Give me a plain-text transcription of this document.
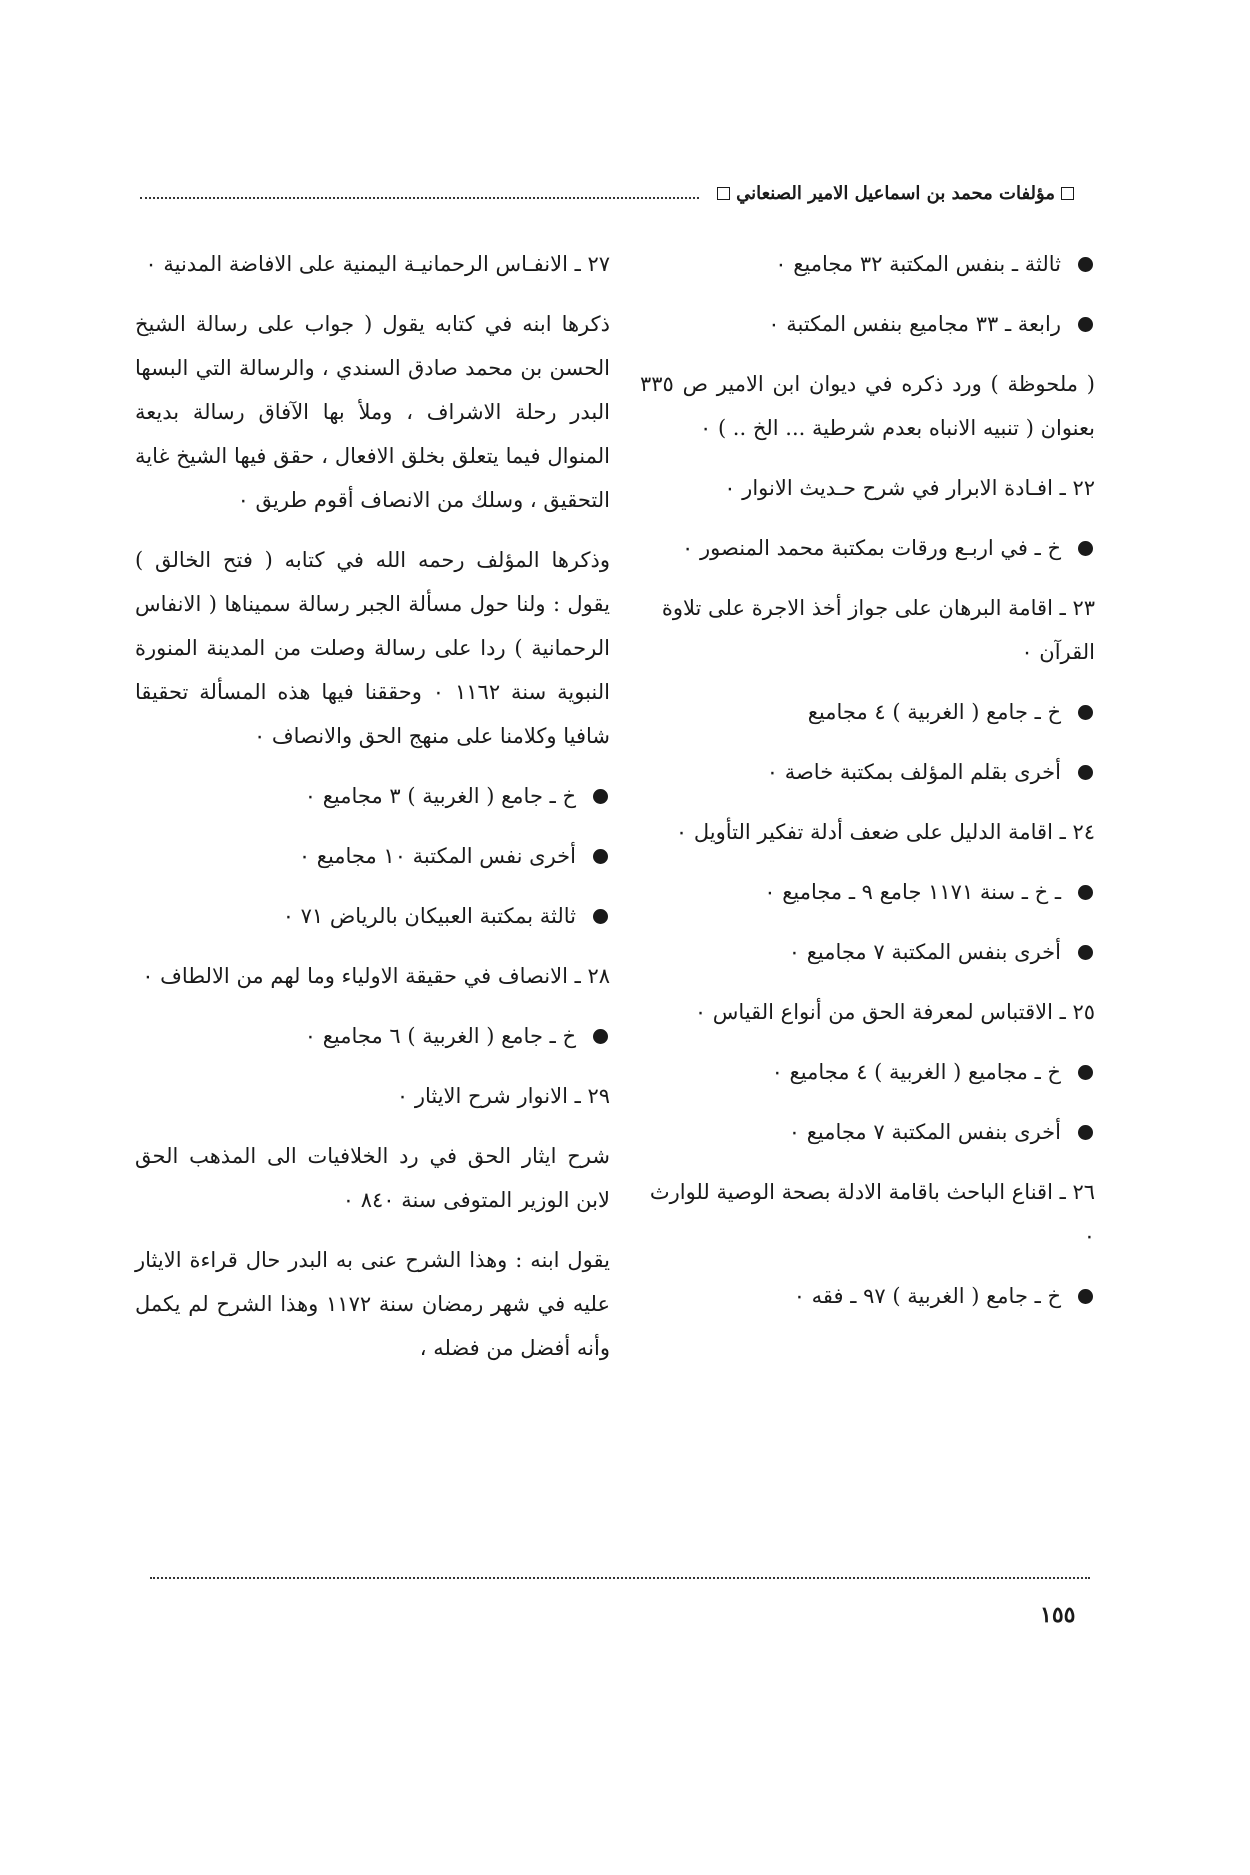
مؤلفات محمد بن اسماعيل الامير الصنعاني
ثالثة ـ بنفس المكتبة ٣٢ مجاميع ٠
رابعة ـ ٣٣ مجاميع بنفس المكتبة ٠
( ملحوظة ) ورد ذكره في ديوان ابن الامير ص ٣٣٥ بعنوان ( تنبيه الانباه بعدم شرطية ... الخ .. ) ٠
٢٢ ـ افـادة الابرار في شرح حـديث الانوار ٠
خ ـ في اربـع ورقات بمكتبة محمد المنصور ٠
٢٣ ـ اقامة البرهان على جواز أخذ الاجرة على تلاوة القرآن ٠
خ ـ جامع ( الغربية ) ٤ مجاميع
أخرى بقلم المؤلف بمكتبة خاصة ٠
٢٤ ـ اقامة الدليل على ضعف أدلة تفكير التأويل ٠
ـ خ ـ سنة ١١٧١ جامع ٩ ـ مجاميع ٠
أخرى بنفس المكتبة ٧ مجاميع ٠
٢٥ ـ الاقتباس لمعرفة الحق من أنواع القياس ٠
خ ـ مجاميع ( الغربية ) ٤ مجاميع ٠
أخرى بنفس المكتبة ٧ مجاميع ٠
٢٦ ـ اقناع الباحث باقامة الادلة بصحة الوصية للوارث ٠
خ ـ جامع ( الغربية ) ٩٧ ـ فقه ٠
٢٧ ـ الانفـاس الرحمانيـة اليمنية على الافاضة المدنية ٠
ذكرها ابنه في كتابه يقول ( جواب على رسالة الشيخ الحسن بن محمد صادق السندي ، والرسالة التي البسها البدر رحلة الاشراف ، وملأ بها الآفاق رسالة بديعة المنوال فيما يتعلق بخلق الافعال ، حقق فيها الشيخ غاية التحقيق ، وسلك من الانصاف أقوم طريق ٠
وذكرها المؤلف رحمه الله في كتابه ( فتح الخالق ) يقول : ولنا حول مسألة الجبر رسالة سميناها ( الانفاس الرحمانية ) ردا على رسالة وصلت من المدينة المنورة النبوية سنة ١١٦٢ ٠ وحققنا فيها هذه المسألة تحقيقا شافيا وكلامنا على منهج الحق والانصاف ٠
خ ـ جامع ( الغربية ) ٣ مجاميع ٠
أخرى نفس المكتبة ١٠ مجاميع ٠
ثالثة بمكتبة العبيكان بالرياض ٧١ ٠
٢٨ ـ الانصاف في حقيقة الاولياء وما لهم من الالطاف ٠
خ ـ جامع ( الغربية ) ٦ مجاميع ٠
٢٩ ـ الانوار شرح الايثار ٠
شرح ايثار الحق في رد الخلافيات الى المذهب الحق لابن الوزير المتوفى سنة ٨٤٠ ٠
يقول ابنه : وهذا الشرح عنى به البدر حال قراءة الايثار عليه في شهر رمضان سنة ١١٧٢ وهذا الشرح لم يكمل وأنه أفضل من فضله ،
١٥٥
